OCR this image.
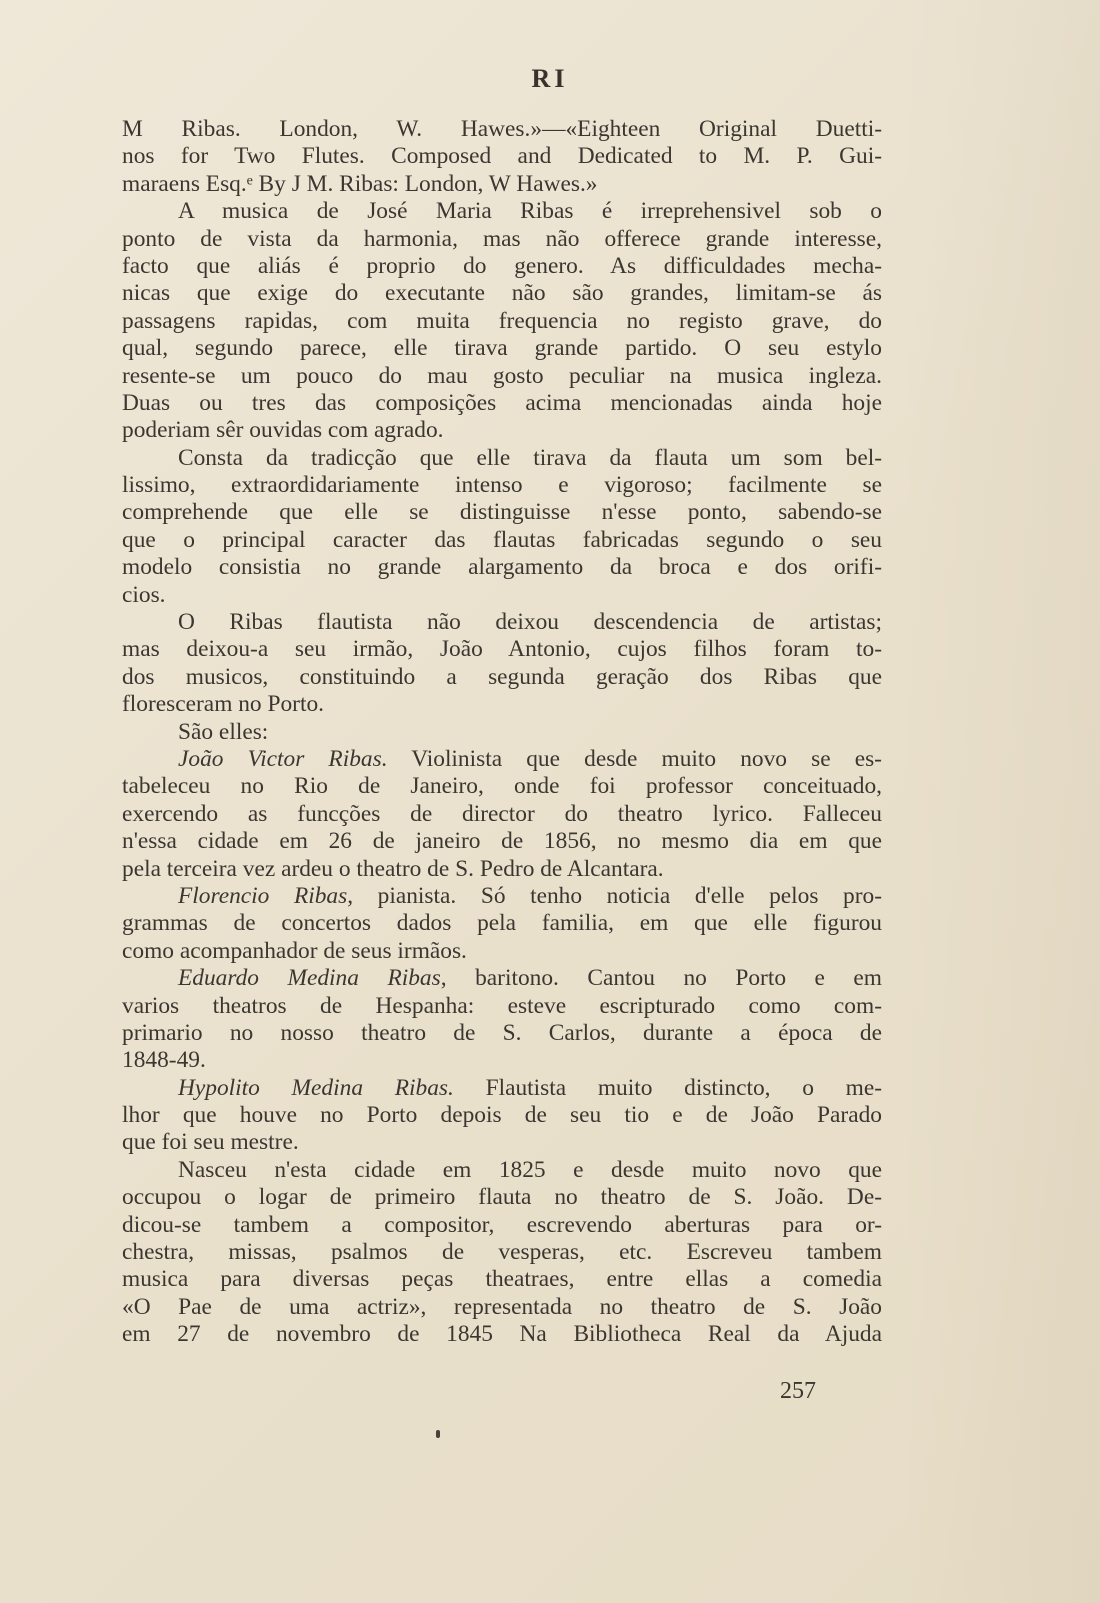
RI
M Ribas. London, W. Hawes.»—«Eighteen Original Duetti-
nos for Two Flutes. Composed and Dedicated to M. P. Gui-
maraens Esq.ᵉ By J M. Ribas: London, W Hawes.»
A musica de José Maria Ribas é irreprehensivel sob o
ponto de vista da harmonia, mas não offerece grande interesse,
facto que aliás é proprio do genero. As difficuldades mecha-
nicas que exige do executante não são grandes, limitam-se ás
passagens rapidas, com muita frequencia no registo grave, do
qual, segundo parece, elle tirava grande partido. O seu estylo
resente-se um pouco do mau gosto peculiar na musica ingleza.
Duas ou tres das composições acima mencionadas ainda hoje
poderiam sêr ouvidas com agrado.
Consta da tradicção que elle tirava da flauta um som bel-
lissimo, extraordidariamente intenso e vigoroso; facilmente se
comprehende que elle se distinguisse n'esse ponto, sabendo-se
que o principal caracter das flautas fabricadas segundo o seu
modelo consistia no grande alargamento da broca e dos orifi-
cios.
O Ribas flautista não deixou descendencia de artistas;
mas deixou-a seu irmão, João Antonio, cujos filhos foram to-
dos musicos, constituindo a segunda geração dos Ribas que
floresceram no Porto.
São elles:
João Victor Ribas. Violinista que desde muito novo se es-
tabeleceu no Rio de Janeiro, onde foi professor conceituado,
exercendo as funcções de director do theatro lyrico. Falleceu
n'essa cidade em 26 de janeiro de 1856, no mesmo dia em que
pela terceira vez ardeu o theatro de S. Pedro de Alcantara.
Florencio Ribas, pianista. Só tenho noticia d'elle pelos pro-
grammas de concertos dados pela familia, em que elle figurou
como acompanhador de seus irmãos.
Eduardo Medina Ribas, baritono. Cantou no Porto e em
varios theatros de Hespanha: esteve escripturado como com-
primario no nosso theatro de S. Carlos, durante a época de
1848-49.
Hypolito Medina Ribas. Flautista muito distincto, o me-
lhor que houve no Porto depois de seu tio e de João Parado
que foi seu mestre.
Nasceu n'esta cidade em 1825 e desde muito novo que
occupou o logar de primeiro flauta no theatro de S. João. De-
dicou-se tambem a compositor, escrevendo aberturas para or-
chestra, missas, psalmos de vesperas, etc. Escreveu tambem
musica para diversas peças theatraes, entre ellas a comedia
«O Pae de uma actriz», representada no theatro de S. João
em 27 de novembro de 1845 Na Bibliotheca Real da Ajuda
257
